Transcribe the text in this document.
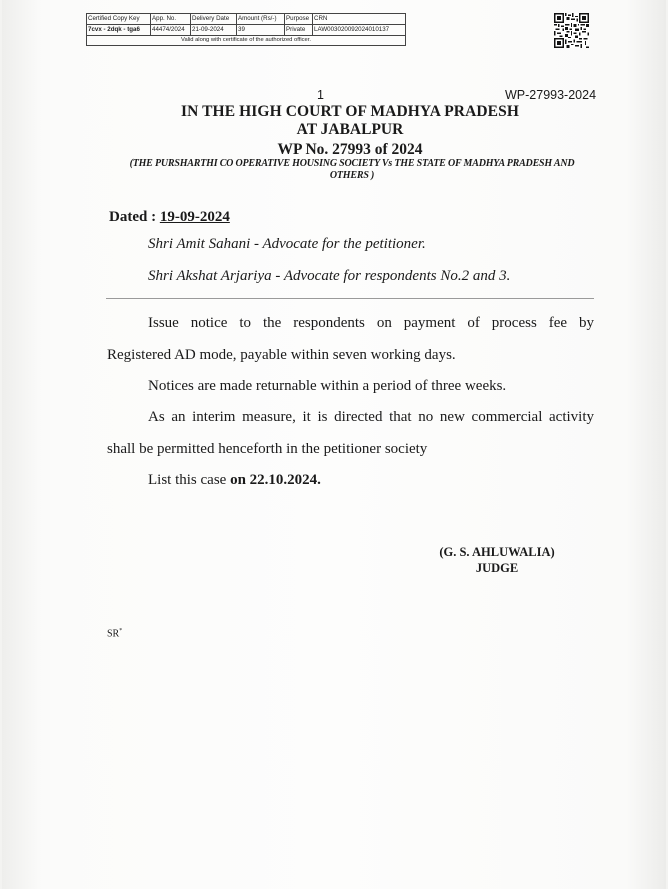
Certified Copy Key	App. No.	Delivery Date	Amount (Rs/-)	Purpose	CRN
7cvx - 2dqk - tga6	44474/2024	21-09-2024	39	Private	LAW003020092024010137
Valid along with certificate of the authorized officer.					
1	WP-27993-2024
IN THE HIGH COURT OF MADHYA PRADESH
AT JABALPUR
WP No. 27993 of 2024
(THE PURSHARTHI CO OPERATIVE HOUSING SOCIETY Vs THE STATE OF MADHYA PRADESH AND
OTHERS )
Dated : 19-09-2024
Shri Amit Sahani - Advocate for the petitioner.
Shri Akshat Arjariya - Advocate for respondents No.2 and 3.
Issue notice to the respondents on payment of process fee by
Registered AD mode, payable within seven working days.
Notices are made returnable within a period of three weeks.
As an interim measure, it is directed that no new commercial activity
shall be permitted henceforth in the petitioner society
List this case on 22.10.2024.
(G. S. AHLUWALIA)
JUDGE
SR*
